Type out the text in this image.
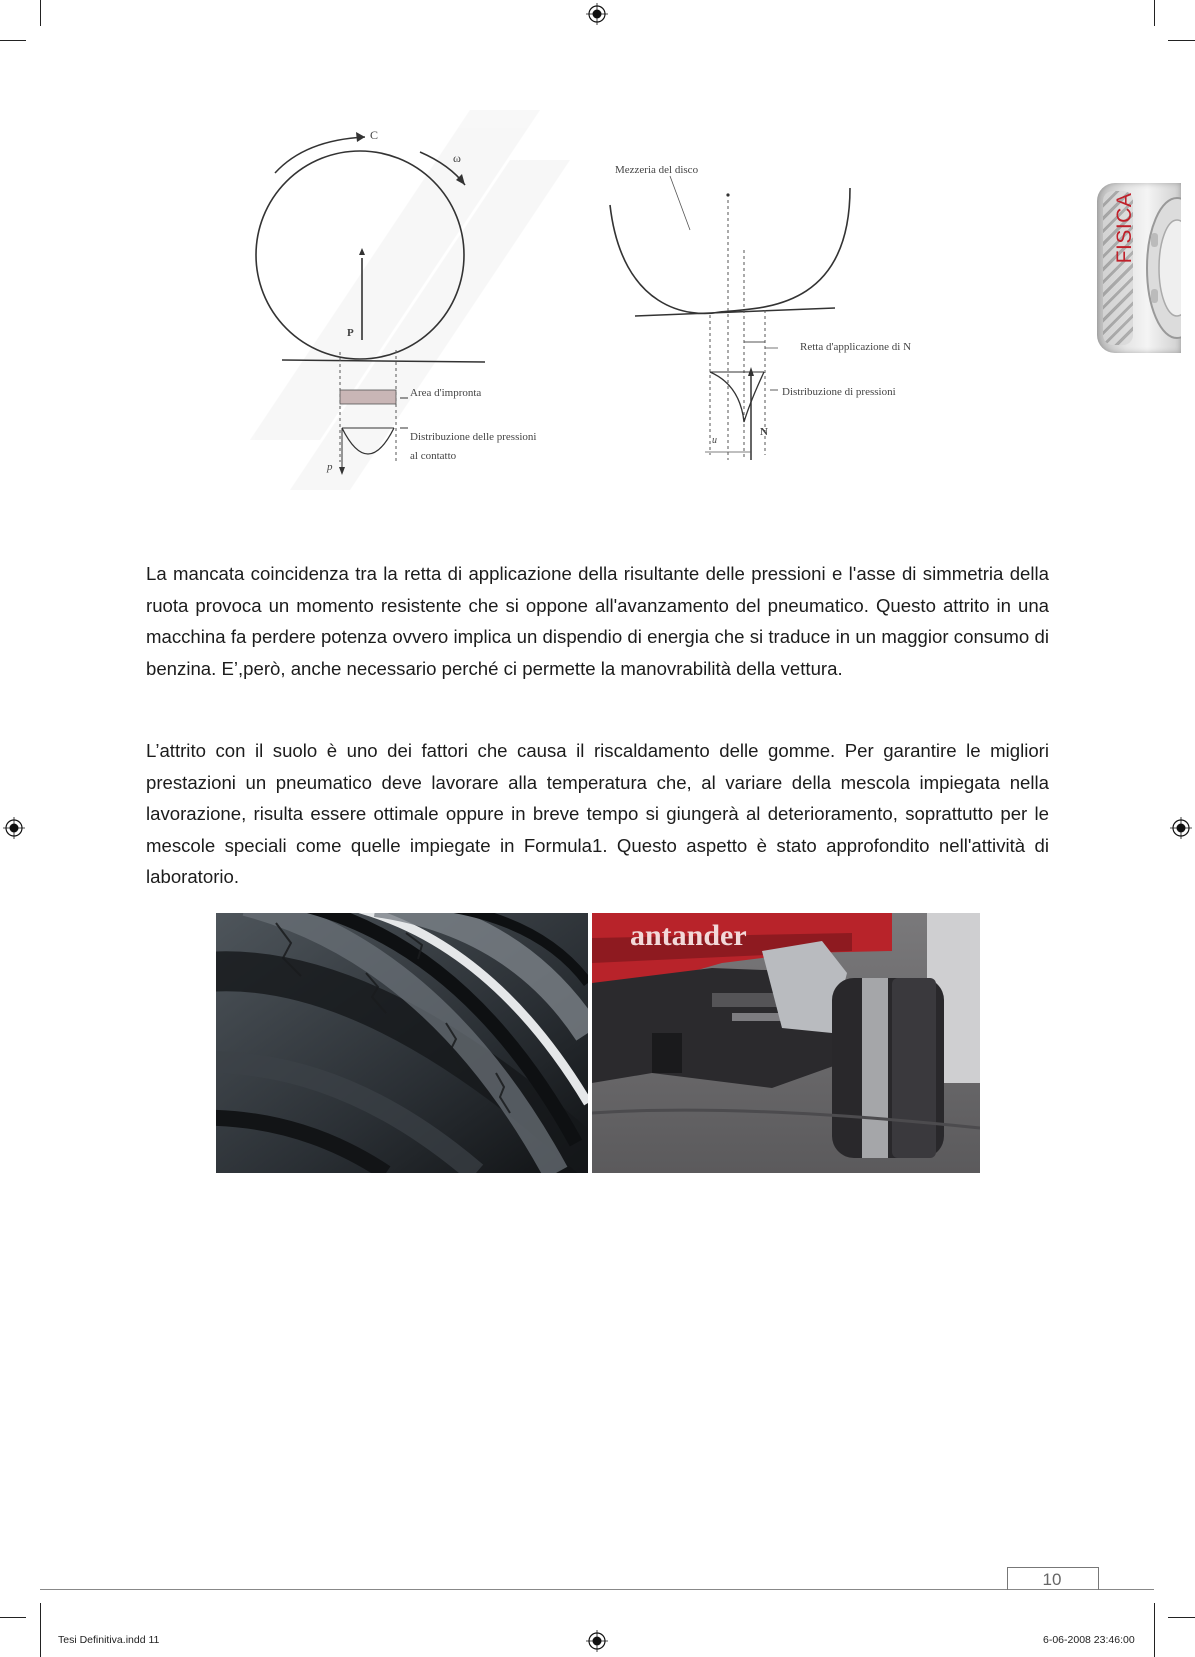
FISICA
C
ω
P
Area d'impronta
p
Distribuzione delle pressioni
al contatto
Mezzeria del disco
Retta d'applicazione di N
N
Distribuzione di pressioni
u
La mancata coincidenza tra la retta di applicazione della risultante delle pressioni e l'asse di simmetria della ruota provoca un momento resistente che si oppone all'avanzamento del pneumatico. Questo attrito in una macchina fa perdere potenza ovvero implica un dispendio di energia che si traduce in un maggior consumo di benzina. E’,però, anche necessario perché ci permette la manovrabilità della vettura.
L’attrito con il suolo è uno dei fattori che causa il riscaldamento delle gomme. Per garantire le migliori prestazioni un pneumatico deve lavorare alla temperatura che, al variare della mescola impiegata nella lavorazione, risulta essere ottimale oppure in breve tempo si giungerà al deterioramento, soprattutto per le mescole speciali come quelle impiegate in Formula1. Questo aspetto è stato approfondito nell'attività di laboratorio.
antander
10
Tesi Definitiva.indd 11	6-06-2008 23:46:00
